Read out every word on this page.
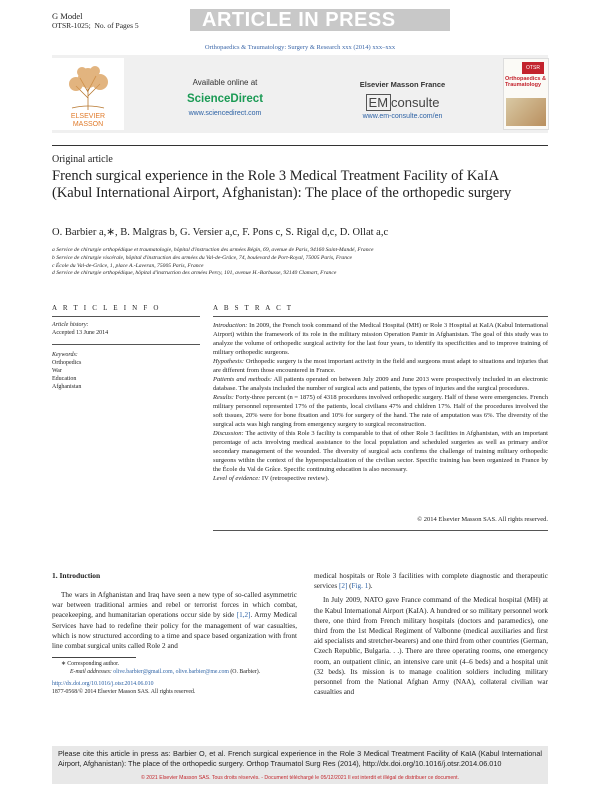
G Model
OTSR-1025; No. of Pages 5	ARTICLE IN PRESS
Orthopaedics & Traumatology: Surgery & Research xxx (2014) xxx–xxx
ELSEVIER
MASSON
Available online at
ScienceDirect
www.sciencedirect.com
Elsevier Masson France
EM consulte
www.em-consulte.com/en
OTSR
Orthopaedics & Traumatology
Original article
French surgical experience in the Role 3 Medical Treatment Facility of KaIA (Kabul International Airport, Afghanistan): The place of the orthopedic surgery
O. Barbier a,∗, B. Malgras b, G. Versier a,c, F. Pons c, S. Rigal d,c, D. Ollat a,c
a Service de chirurgie orthopédique et traumatologie, hôpital d'instruction des armées Bégin, 69, avenue de Paris, 94160 Saint-Mandé, France
b Service de chirurgie viscérale, hôpital d'instruction des armées du Val-de-Grâce, 74, boulevard de Port-Royal, 75005 Paris, France
c École du Val-de-Grâce, 1, place A.-Laveran, 75005 Paris, France
d Service de chirurgie orthopédique, hôpital d'instruction des armées Percy, 101, avenue H.-Barbusse, 92140 Clamart, France
A R T I C L E I N F O
Article history:
Accepted 13 June 2014
Keywords:
Orthopedics
War
Education
Afghanistan
A B S T R A C T

Introduction: In 2009, the French took command of the Medical Hospital (MH) or Role 3 Hospital at KaIA (Kabul International Airport) within the framework of its role in the military mission Operation Pamir in Afghanistan. The goal of this study was to analyze the volume of orthopedic surgical activity for the last four years, to identify its specificities and to improve training of military orthopedic surgeons.

Hypothesis: Orthopedic surgery is the most important activity in the field and surgeons must adapt to situations and injuries that are different from those encountered in France.

Patients and methods: All patients operated on between July 2009 and June 2013 were prospectively included in an electronic database. The analysis included the number of surgical acts and patients, the types of injuries and the surgical procedures.

Results: Forty-three percent (n = 1875) of 4318 procedures involved orthopedic surgery. Half of these were emergencies. French military personnel represented 17% of the patients, local civilians 47% and children 17%. Half of the procedures involved the soft tissues, 20% were for bone fixation and 10% for surgery of the hand. The rate of amputation was 6%. The diversity of the surgical acts was high ranging from emergency surgery to surgical reconstruction.

Discussion: The activity of this Role 3 facility is comparable to that of other Role 3 facilities in Afghanistan, with an important percentage of acts involving medical assistance to the local population and scheduled surgeries as well as primary and/or secondary management of the wounded. The diversity of surgical acts confirms the challenge of training military orthopedic surgeons within the context of the hyperspecialization of the civilian sector. Specific training has been organized in France by the École du Val de Grâce. Specific continuing education is also necessary.

Level of evidence: IV (retrospective review).

© 2014 Elsevier Masson SAS. All rights reserved.
1. Introduction
The wars in Afghanistan and Iraq have seen a new type of so-called asymmetric war between traditional armies and rebel or terrorist forces in which combat, peacekeeping, and humanitarian operations occur side by side [1,2]. Army Medical Services have had to redefine their policy for the management of war casualties, which is now structured according to a time and space based organization with front line combat surgical units called Role 2 and

medical hospitals or Role 3 facilities with complete diagnostic and therapeutic services [2] (Fig. 1).

In July 2009, NATO gave France command of the Medical hospital (MH) at the Kabul International Airport (KaIA). A hundred or so military personnel work there, one third from French military hospitals (doctors and paramedics), one third from the 1st Medical Regiment of Valbonne (medical auxiliaries and first aid specialists and stretcher-bearers) and one third from other countries (German, Czech Republic, Bulgaria. . .). There are three operating rooms, one emergency room, an outpatient clinic, an intensive care unit (4–6 beds) and a hospital unit (32 beds). Its mission is to manage coalition soldiers including military personnel from the National Afghan Army (NAA), collateral civilian war casualties and

∗ Corresponding author.
E-mail addresses: olive.barbier@gmail.com, olive.barbier@me.com (O. Barbier).
http://dx.doi.org/10.1016/j.otsr.2014.06.010
1877-0568/© 2014 Elsevier Masson SAS. All rights reserved.
Please cite this article in press as: Barbier O, et al. French surgical experience in the Role 3 Medical Treatment Facility of KaIA (Kabul International Airport, Afghanistan): The place of the orthopedic surgery. Orthop Traumatol Surg Res (2014), http://dx.doi.org/10.1016/j.otsr.2014.06.010
© 2021 Elsevier Masson SAS. Tous droits réservés. - Document téléchargé le 05/12/2021 Il est interdit et illégal de distribuer ce document.
